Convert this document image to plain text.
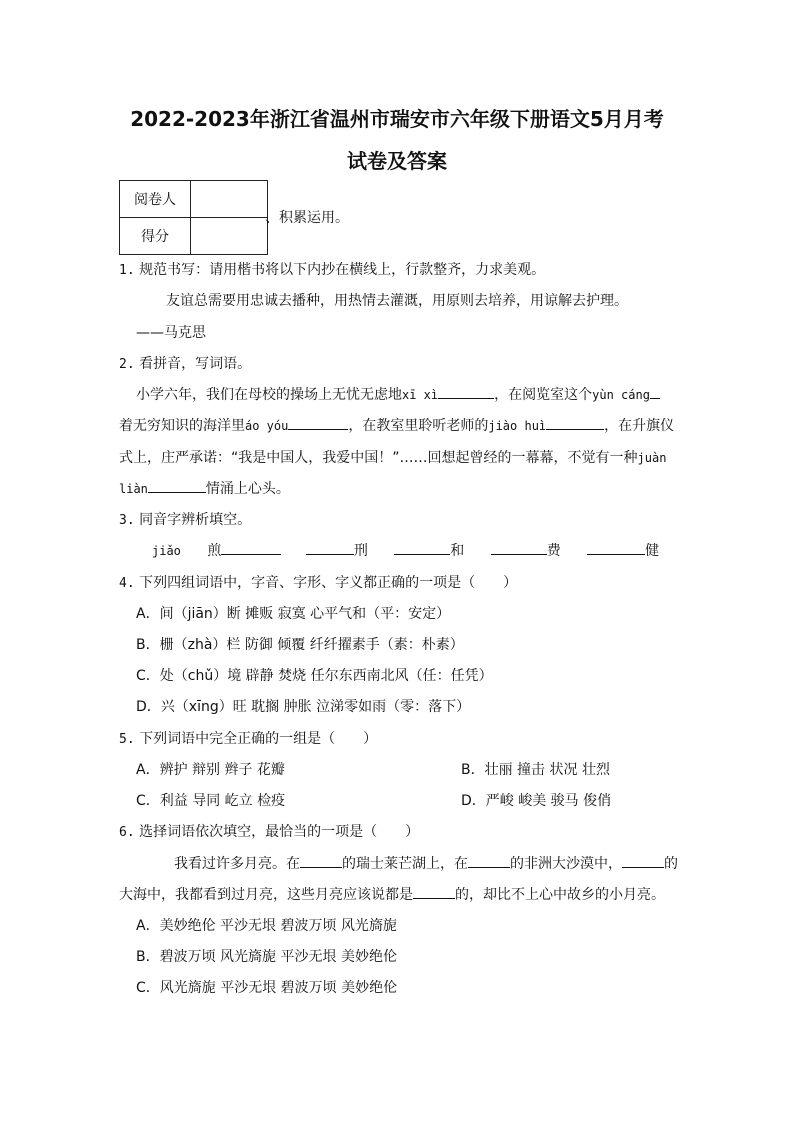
2022-2023年浙江省温州市瑞安市六年级下册语文5月月考
试卷及答案
阅卷人	
得分	
、积累运用。
1. 规范书写：请用楷书将以下内抄在横线上，行款整齐，力求美观。
友谊总需要用忠诚去播种，用热情去灌溉，用原则去培养，用谅解去护理。
——马克思
2. 看拼音，写词语。
小学六年，我们在母校的操场上无忧无虑地xī xì	，在阅览室这个yùn cáng
着无穷知识的海洋里áo yóu	，在教室里聆听老师的jiào huì	，在升旗仪
式上，庄严承诺：“我是中国人，我爱中国！”……回想起曾经的一幕幕，不觉有一种juàn
liàn	情涌上心头。
3. 同音字辨析填空。
jiǎo 煎	刑	和	费	健
4. 下列四组词语中，字音、字形、字义都正确的一项是（　　）
A．间（jiān）断 摊贩 寂寞 心平气和（平：安定）
B．栅（zhà）栏 防御 倾覆 纤纤擢素手（素：朴素）
C．处（chǔ）境 辟静 焚烧 任尔东西南北风（任：任凭）
D．兴（xīng）旺 耽搁 肿胀 泣涕零如雨（零：落下）
5. 下列词语中完全正确的一组是（　　）
A．辨护 辩别 辫子 花瓣	B．壮丽 撞击 状况 壮烈
C．利益 导同 屹立 检疫	D．严峻 峻美 骏马 俊俏
6. 选择词语依次填空，最恰当的一项是（　　）
我看过许多月亮。在	的瑞士莱芒湖上，在	的非洲大沙漠中，	的
大海中，我都看到过月亮，这些月亮应该说都是	的，却比不上心中故乡的小月亮。
A．美妙绝伦 平沙无垠 碧波万顷 风光旖旎
B．碧波万顷 风光旖旎 平沙无垠 美妙绝伦
C．风光旖旎 平沙无垠 碧波万顷 美妙绝伦
